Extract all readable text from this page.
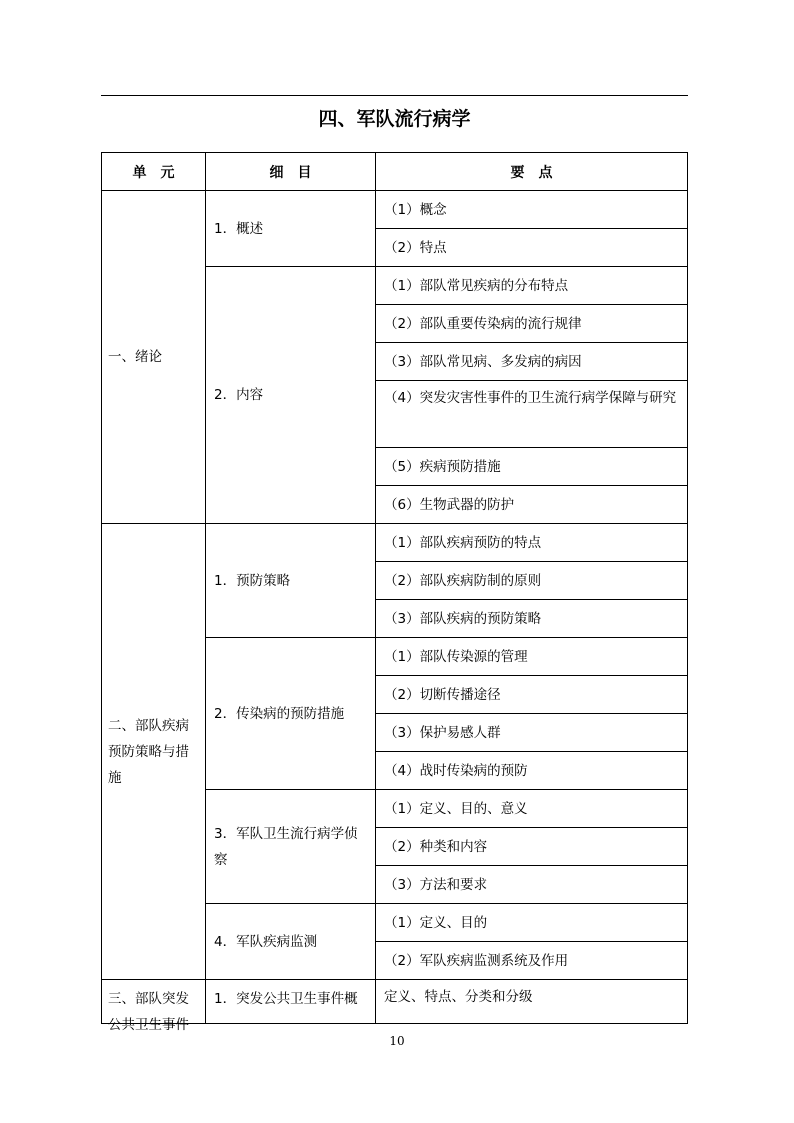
四、军队流行病学
单　元	细　目	要　点
一、绪论	1．概述	（1）概念
		（2）特点
	2．内容	（1）部队常见疾病的分布特点
		（2）部队重要传染病的流行规律
		（3）部队常见病、多发病的病因
		（4）突发灾害性事件的卫生流行病学保障与研究
		（5）疾病预防措施
		（6）生物武器的防护
二、部队疾病预防策略与措施	1．预防策略	（1）部队疾病预防的特点
		（2）部队疾病防制的原则
		（3）部队疾病的预防策略
	2．传染病的预防措施	（1）部队传染源的管理
		（2）切断传播途径
		（3）保护易感人群
		（4）战时传染病的预防
	3．军队卫生流行病学侦察	（1）定义、目的、意义
		（2）种类和内容
		（3）方法和要求
	4．军队疾病监测	（1）定义、目的
		（2）军队疾病监测系统及作用

三、部队突发公共卫生事件	1．突发公共卫生事件概	定义、特点、分类和分级
10
